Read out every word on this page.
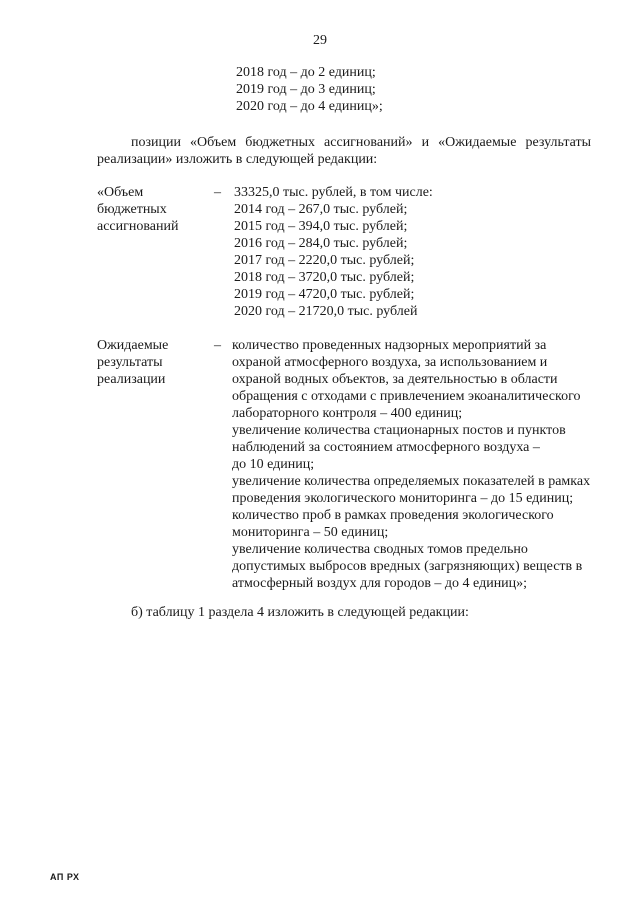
29
2018 год – до 2 единиц;
2019 год – до 3 единиц;
2020 год – до 4 единиц»;
позиции «Объем бюджетных ассигнований» и «Ожидаемые результаты
реализации» изложить в следующей редакции:
«Объем
бюджетных
ассигнований
– 33325,0 тыс. рублей, в том числе:
2014 год – 267,0 тыс. рублей;
2015 год – 394,0 тыс. рублей;
2016 год – 284,0 тыс. рублей;
2017 год – 2220,0 тыс. рублей;
2018 год – 3720,0 тыс. рублей;
2019 год – 4720,0 тыс. рублей;
2020 год – 21720,0 тыс. рублей
Ожидаемые
результаты
реализации
– количество проведенных надзорных мероприятий за
охраной атмосферного воздуха, за использованием и
охраной водных объектов, за деятельностью в области
обращения с отходами с привлечением экоаналитического
лабораторного контроля – 400 единиц;
увеличение количества стационарных постов и пунктов
наблюдений за состоянием атмосферного воздуха –
до 10 единиц;
увеличение количества определяемых показателей в рамках
проведения экологического мониторинга – до 15 единиц;
количество проб в рамках проведения экологического
мониторинга – 50 единиц;
увеличение количества сводных томов предельно
допустимых выбросов вредных (загрязняющих) веществ в
атмосферный воздух для городов – до 4 единиц»;
б) таблицу 1 раздела 4 изложить в следующей редакции:
АП РХ
